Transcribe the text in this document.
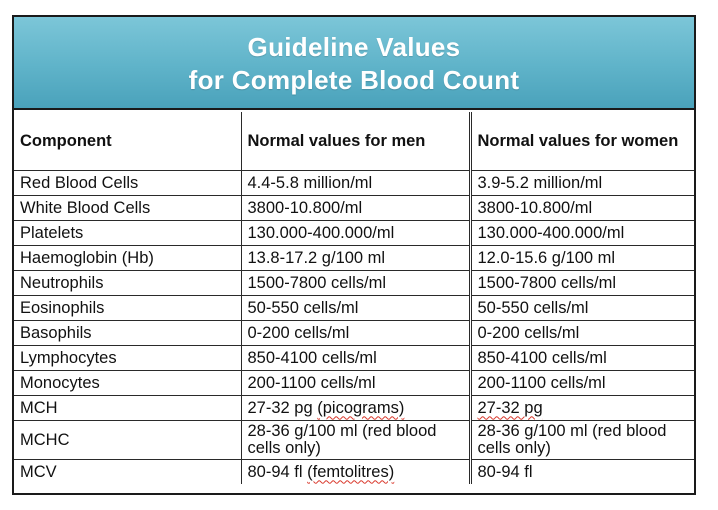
Guideline Values
for Complete Blood Count
Component	Normal values for men	Normal values for women
Red Blood Cells	4.4-5.8 million/ml	3.9-5.2 million/ml
White Blood Cells	3800-10.800/ml	3800-10.800/ml
Platelets	130.000-400.000/ml	130.000-400.000/ml
Haemoglobin (Hb)	13.8-17.2 g/100 ml	12.0-15.6 g/100 ml
Neutrophils	1500-7800 cells/ml	1500-7800 cells/ml
Eosinophils	50-550 cells/ml	50-550 cells/ml
Basophils	0-200 cells/ml	0-200 cells/ml
Lymphocytes	850-4100 cells/ml	850-4100 cells/ml
Monocytes	200-1100 cells/ml	200-1100 cells/ml
MCH	27-32 pg (picograms)	27-32 pg
MCHC	28-36 g/100 ml (red blood cells only)	28-36 g/100 ml (red blood cells only)
MCV	80-94 fl (femtolitres)	80-94 fl
